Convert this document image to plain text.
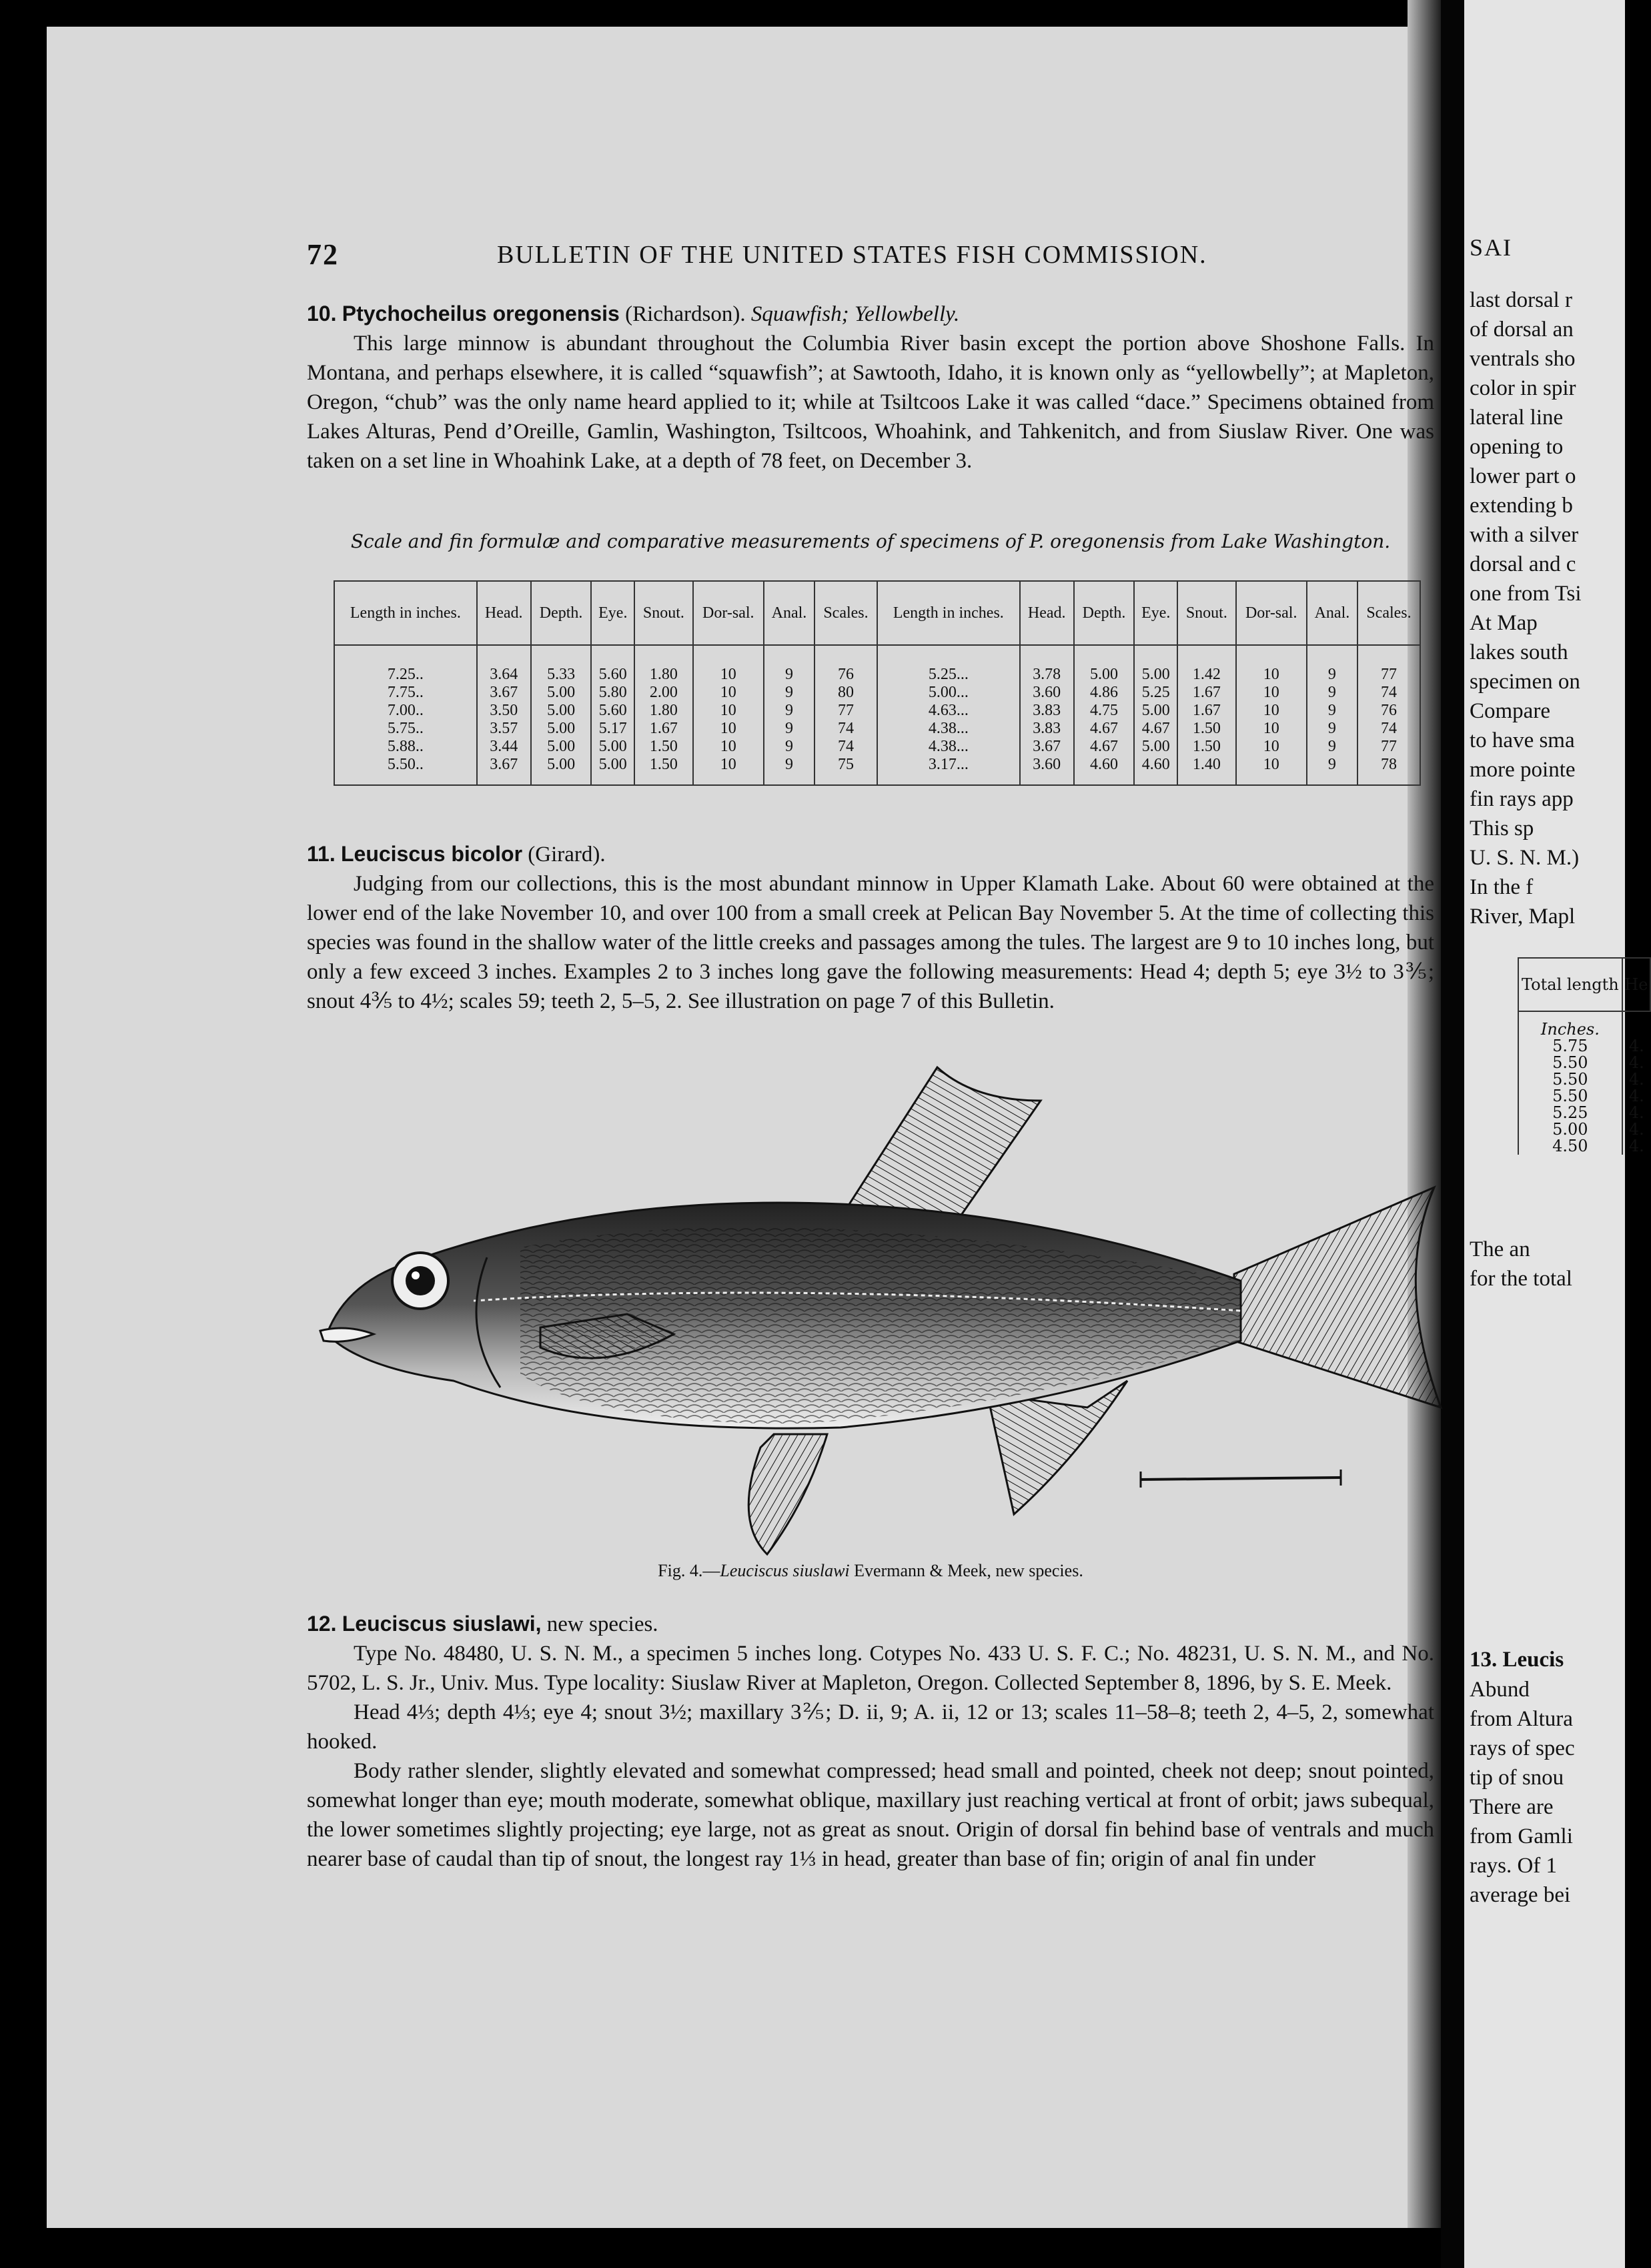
SAI
last dorsal r
of dorsal an
ventrals sho
color in spir
lateral line
opening to
lower part o
extending b
with a silver
dorsal and c
one from Tsi
At Map
lakes south
specimen on
Compare
to have sma
more pointe
fin rays app
This sp
U. S. N. M.)
In the f
River, Mapl
Total length	He
Inches.	
5.75	4.
5.50	4.
5.50	4.
5.50	4.
5.25	4.
5.00	4.
4.50	4.
The an
for the total
13. Leucis
Abund
from Altura
rays of spec
tip of snou
There are
from Gamli
rays. Of 1
average bei
72	BULLETIN OF THE UNITED STATES FISH COMMISSION.
10. Ptychocheilus oregonensis (Richardson). Squawfish; Yellowbelly.

This large minnow is abundant throughout the Columbia River basin except the portion above Shoshone Falls. In Montana, and perhaps elsewhere, it is called “squawfish”; at Sawtooth, Idaho, it is known only as “yellowbelly”; at Mapleton, Oregon, “chub” was the only name heard applied to it; while at Tsiltcoos Lake it was called “dace.” Specimens obtained from Lakes Alturas, Pend d’Oreille, Gamlin, Washington, Tsiltcoos, Whoahink, and Tahkenitch, and from Siuslaw River. One was taken on a set line in Whoahink Lake, at a depth of 78 feet, on December 3.

Scale and fin formulæ and comparative measurements of specimens of P. oregonensis from Lake Washington.
Length in inches.	Head.	Depth.	Eye.	Snout.	Dor-sal.	Anal.	Scales.	Length in inches.	Head.	Depth.	Eye.	Snout.	Dor-sal.	Anal.	Scales.
7.25..	3.64	5.33	5.60	1.80	10	9	76	5.25...	3.78	5.00	5.00	1.42	10	9	77
7.75..	3.67	5.00	5.80	2.00	10	9	80	5.00...	3.60	4.86	5.25	1.67	10	9	74
7.00..	3.50	5.00	5.60	1.80	10	9	77	4.63...	3.83	4.75	5.00	1.67	10	9	76
5.75..	3.57	5.00	5.17	1.67	10	9	74	4.38...	3.83	4.67	4.67	1.50	10	9	74
5.88..	3.44	5.00	5.00	1.50	10	9	74	4.38...	3.67	4.67	5.00	1.50	10	9	77
5.50..	3.67	5.00	5.00	1.50	10	9	75	3.17...	3.60	4.60	4.60	1.40	10	9	78
11. Leuciscus bicolor (Girard).

Judging from our collections, this is the most abundant minnow in Upper Klamath Lake. About 60 were obtained at the lower end of the lake November 10, and over 100 from a small creek at Pelican Bay November 5. At the time of collecting this species was found in the shallow water of the little creeks and passages among the tules. The largest are 9 to 10 inches long, but only a few exceed 3 inches. Examples 2 to 3 inches long gave the following measurements: Head 4; depth 5; eye 3½ to 3⅗; snout 4⅗ to 4½; scales 59; teeth 2, 5–5, 2. See illustration on page 7 of this Bulletin.

Fig. 4.—Leuciscus siuslawi Evermann & Meek, new species.
12. Leuciscus siuslawi, new species.

Type No. 48480, U. S. N. M., a specimen 5 inches long. Cotypes No. 433 U. S. F. C.; No. 48231, U. S. N. M., and No. 5702, L. S. Jr., Univ. Mus. Type locality: Siuslaw River at Mapleton, Oregon. Collected September 8, 1896, by S. E. Meek.

Head 4⅓; depth 4⅓; eye 4; snout 3½; maxillary 3⅖; D. ii, 9; A. ii, 12 or 13; scales 11–58–8; teeth 2, 4–5, 2, somewhat hooked.

Body rather slender, slightly elevated and somewhat compressed; head small and pointed, cheek not deep; snout pointed, somewhat longer than eye; mouth moderate, somewhat oblique, maxillary just reaching vertical at front of orbit; jaws subequal, the lower sometimes slightly projecting; eye large, not as great as snout. Origin of dorsal fin behind base of ventrals and much nearer base of caudal than tip of snout, the longest ray 1⅓ in head, greater than base of fin; origin of anal fin under
